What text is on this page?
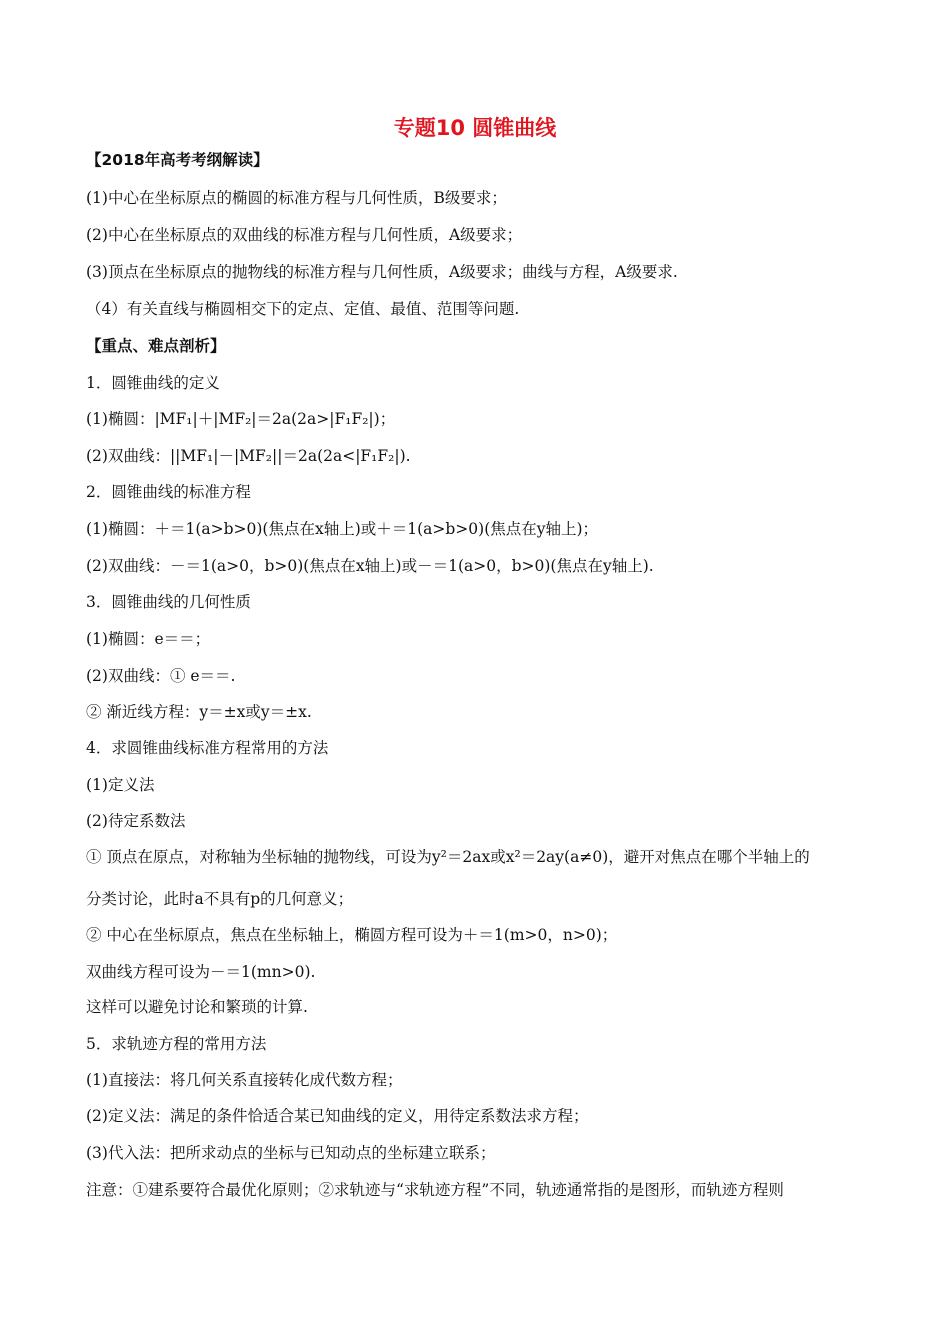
专题10 圆锥曲线
【2018年高考考纲解读】
(1)中心在坐标原点的椭圆的标准方程与几何性质，B级要求；
(2)中心在坐标原点的双曲线的标准方程与几何性质，A级要求；
(3)顶点在坐标原点的抛物线的标准方程与几何性质，A级要求；曲线与方程，A级要求.
（4）有关直线与椭圆相交下的定点、定值、最值、范围等问题.
【重点、难点剖析】
1．圆锥曲线的定义
(1)椭圆：|MF₁|＋|MF₂|＝2a(2a>|F₁F₂|)；
(2)双曲线：||MF₁|－|MF₂||＝2a(2a<|F₁F₂|).
2．圆锥曲线的标准方程
(1)椭圆：＋＝1(a>b>0)(焦点在x轴上)或＋＝1(a>b>0)(焦点在y轴上)；
(2)双曲线：－＝1(a>0，b>0)(焦点在x轴上)或－＝1(a>0，b>0)(焦点在y轴上).
3．圆锥曲线的几何性质
(1)椭圆：e＝＝；
(2)双曲线：① e＝＝.
② 渐近线方程：y＝±x或y＝±x.
4．求圆锥曲线标准方程常用的方法
(1)定义法
(2)待定系数法
① 顶点在原点，对称轴为坐标轴的抛物线，可设为y²＝2ax或x²＝2ay(a≠0)，避开对焦点在哪个半轴上的
分类讨论，此时a不具有p的几何意义；
② 中心在坐标原点，焦点在坐标轴上，椭圆方程可设为＋＝1(m>0，n>0)；
双曲线方程可设为－＝1(mn>0).
这样可以避免讨论和繁琐的计算.
5．求轨迹方程的常用方法
(1)直接法：将几何关系直接转化成代数方程；
(2)定义法：满足的条件恰适合某已知曲线的定义，用待定系数法求方程；
(3)代入法：把所求动点的坐标与已知动点的坐标建立联系；
注意：①建系要符合最优化原则；②求轨迹与“求轨迹方程”不同，轨迹通常指的是图形，而轨迹方程则
